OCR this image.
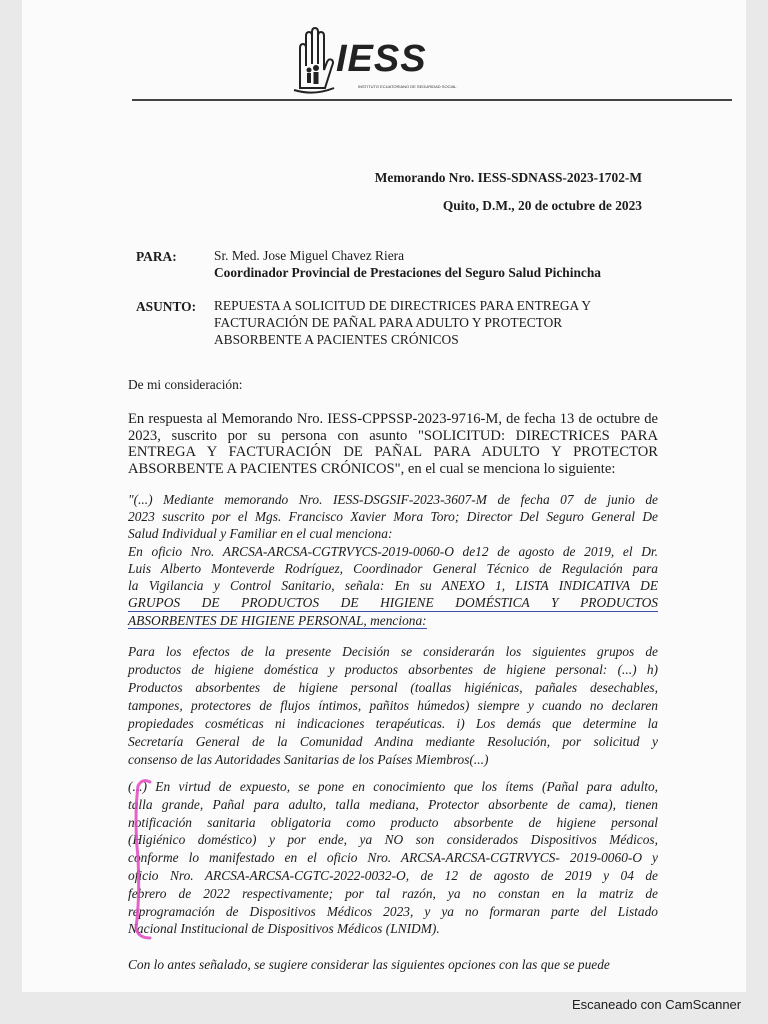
IESS
INSTITUTO ECUATORIANO DE SEGURIDAD SOCIAL
Memorando Nro. IESS-SDNASS-2023-1702-M
Quito, D.M., 20 de octubre de 2023
PARA:	Sr. Med. Jose Miguel Chavez Riera
Coordinador Provincial de Prestaciones del Seguro Salud Pichincha
ASUNTO: REPUESTA A SOLICITUD DE DIRECTRICES PARA ENTREGA Y
FACTURACIÓN DE PAÑAL PARA ADULTO Y PROTECTOR
ABSORBENTE A PACIENTES CRÓNICOS
De mi consideración:
En respuesta al Memorando Nro. IESS-CPPSSP-2023-9716-M, de fecha 13 de octubre de
2023, suscrito por su persona con asunto "SOLICITUD: DIRECTRICES PARA
ENTREGA Y FACTURACIÓN DE PAÑAL PARA ADULTO Y PROTECTOR
ABSORBENTE A PACIENTES CRÓNICOS", en el cual se menciona lo siguiente:
"(...) Mediante memorando Nro. IESS-DSGSIF-2023-3607-M de fecha 07 de junio de
2023 suscrito por el Mgs. Francisco Xavier Mora Toro; Director Del Seguro General De
Salud Individual y Familiar en el cual menciona:
En oficio Nro. ARCSA-ARCSA-CGTRVYCS-2019-0060-O de12 de agosto de 2019, el Dr.
Luis Alberto Monteverde Rodríguez, Coordinador General Técnico de Regulación para
la Vigilancia y Control Sanitario, señala: En su ANEXO 1, LISTA INDICATIVA DE
GRUPOS DE PRODUCTOS DE HIGIENE DOMÉSTICA Y PRODUCTOS
ABSORBENTES DE HIGIENE PERSONAL, menciona:
Para los efectos de la presente Decisión se considerarán los siguientes grupos de
productos de higiene doméstica y productos absorbentes de higiene personal: (...) h)
Productos absorbentes de higiene personal (toallas higiénicas, pañales desechables,
tampones, protectores de flujos íntimos, pañitos húmedos) siempre y cuando no declaren
propiedades cosméticas ni indicaciones terapéuticas. i) Los demás que determine la
Secretaría General de la Comunidad Andina mediante Resolución, por solicitud y
consenso de las Autoridades Sanitarias de los Países Miembros(...)
(...) En virtud de expuesto, se pone en conocimiento que los ítems (Pañal para adulto,
talla grande, Pañal para adulto, talla mediana, Protector absorbente de cama), tienen
notificación sanitaria obligatoria como producto absorbente de higiene personal
(Higiénico doméstico) y por ende, ya NO son considerados Dispositivos Médicos,
conforme lo manifestado en el oficio Nro. ARCSA-ARCSA-CGTRVYCS- 2019-0060-O y
oficio Nro. ARCSA-ARCSA-CGTC-2022-0032-O, de 12 de agosto de 2019 y 04 de
febrero de 2022 respectivamente; por tal razón, ya no constan en la matriz de
reprogramación de Dispositivos Médicos 2023, y ya no formaran parte del Listado
Nacional Institucional de Dispositivos Médicos (LNIDM).
Con lo antes señalado, se sugiere considerar las siguientes opciones con las que se puede
Escaneado con CamScanner
